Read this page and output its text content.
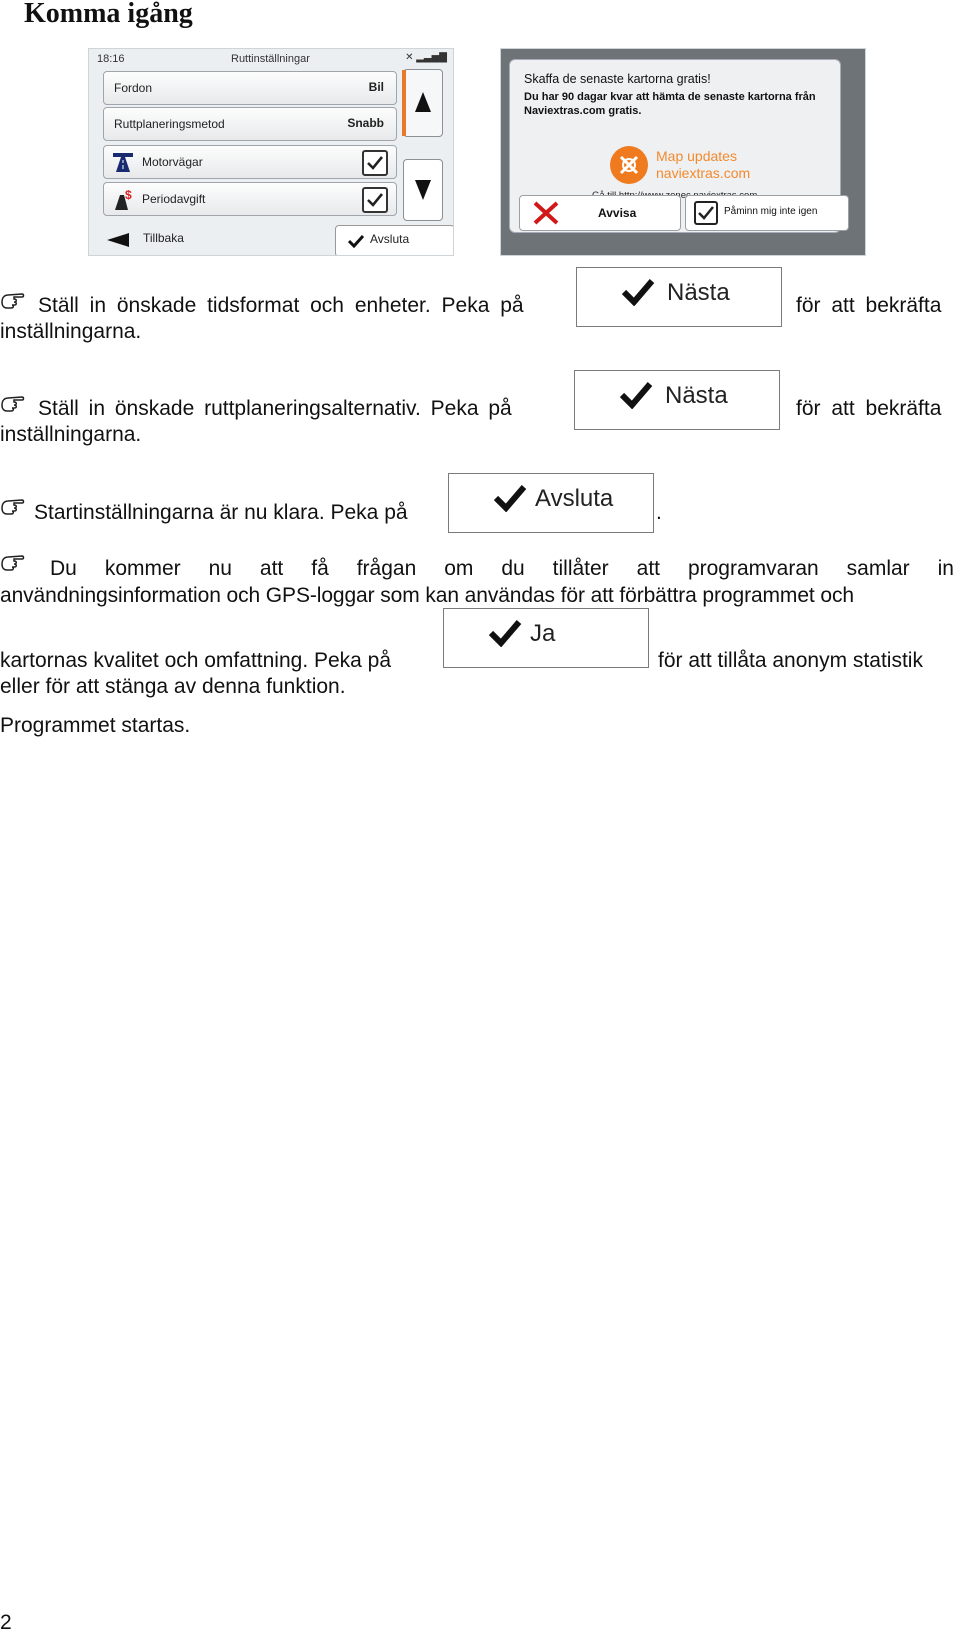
Komma igång
18:16	Ruttinställningar	✕ ▂▃▅▇
Fordon	Bil
Ruttplaneringsmetod	Snabb
Motorvägar
$ Periodavgift
Tillbaka	Avsluta
Skaffa de senaste kartorna gratis!
Du har 90 dagar kvar att hämta de senaste kartorna från Naviextras.com gratis.
Map updates
naviextras.com
Avvisa	Påminn mig inte igen
Ställ in önskade tidsformat och enheter. Peka på	Nästa	för att bekräfta
inställningarna.
Ställ in önskade ruttplaneringsalternativ. Peka på	Nästa	för att bekräfta
inställningarna.
Startinställningarna är nu klara. Peka på
Avsluta
.
Du kommer nu att få frågan om du tillåter att programvaran samlar in
användningsinformation och GPS-loggar som kan användas för att förbättra programmet och
kartornas kvalitet och omfattning. Peka på
Ja
för att tillåta anonym statistik
eller för att stänga av denna funktion.
Programmet startas.
2
